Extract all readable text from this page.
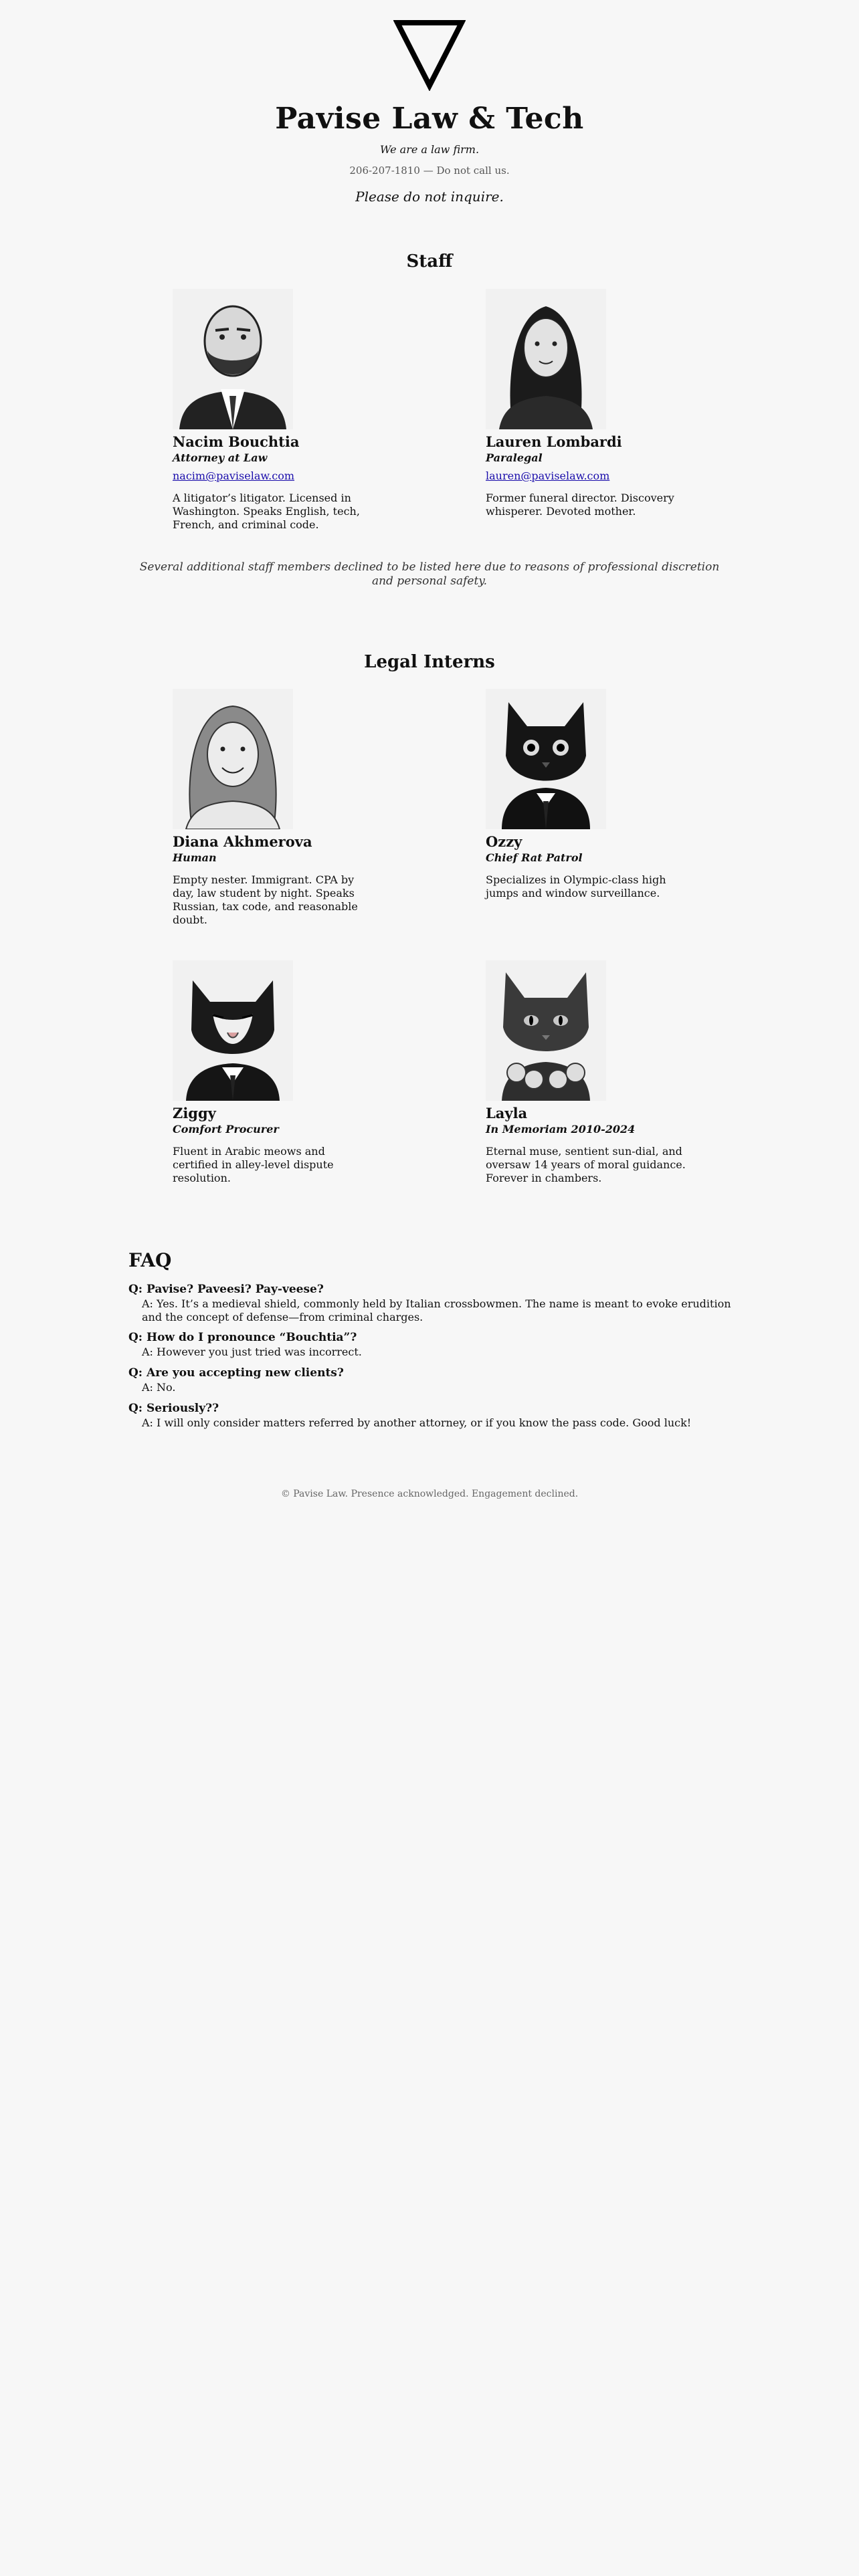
Pavise Law & Tech
We are a law firm.
206-207-1810 — Do not call us.
Please do not inquire.
Staff
Nacim Bouchtia
Attorney at Law
nacim@paviselaw.com
A litigator’s litigator. Licensed in Washington. Speaks English, tech, French, and criminal code.
Lauren Lombardi
Paralegal
lauren@paviselaw.com
Former funeral director. Discovery whisperer. Devoted mother.
Several additional staff members declined to be listed here due to reasons of professional discretion and personal safety.
Legal Interns
Diana Akhmerova
Human
Empty nester. Immigrant. CPA by day, law student by night. Speaks Russian, tax code, and reasonable doubt.
Ozzy
Chief Rat Patrol
Specializes in Olympic-class high jumps and window surveillance.
Ziggy
Comfort Procurer
Fluent in Arabic meows and certified in alley-level dispute resolution.
Layla
In Memoriam 2010-2024
Eternal muse, sentient sun-dial, and oversaw 14 years of moral guidance. Forever in chambers.
FAQ
Q: Pavise? Paveesi? Pay-veese?
A: Yes. It’s a medieval shield, commonly held by Italian crossbowmen. The name is meant to evoke erudition and the concept of defense—from criminal charges.
Q: How do I pronounce “Bouchtia”?
A: However you just tried was incorrect.
Q: Are you accepting new clients?
A: No.
Q: Seriously??
A: I will only consider matters referred by another attorney, or if you know the pass code. Good luck!
© Pavise Law. Presence acknowledged. Engagement declined.
